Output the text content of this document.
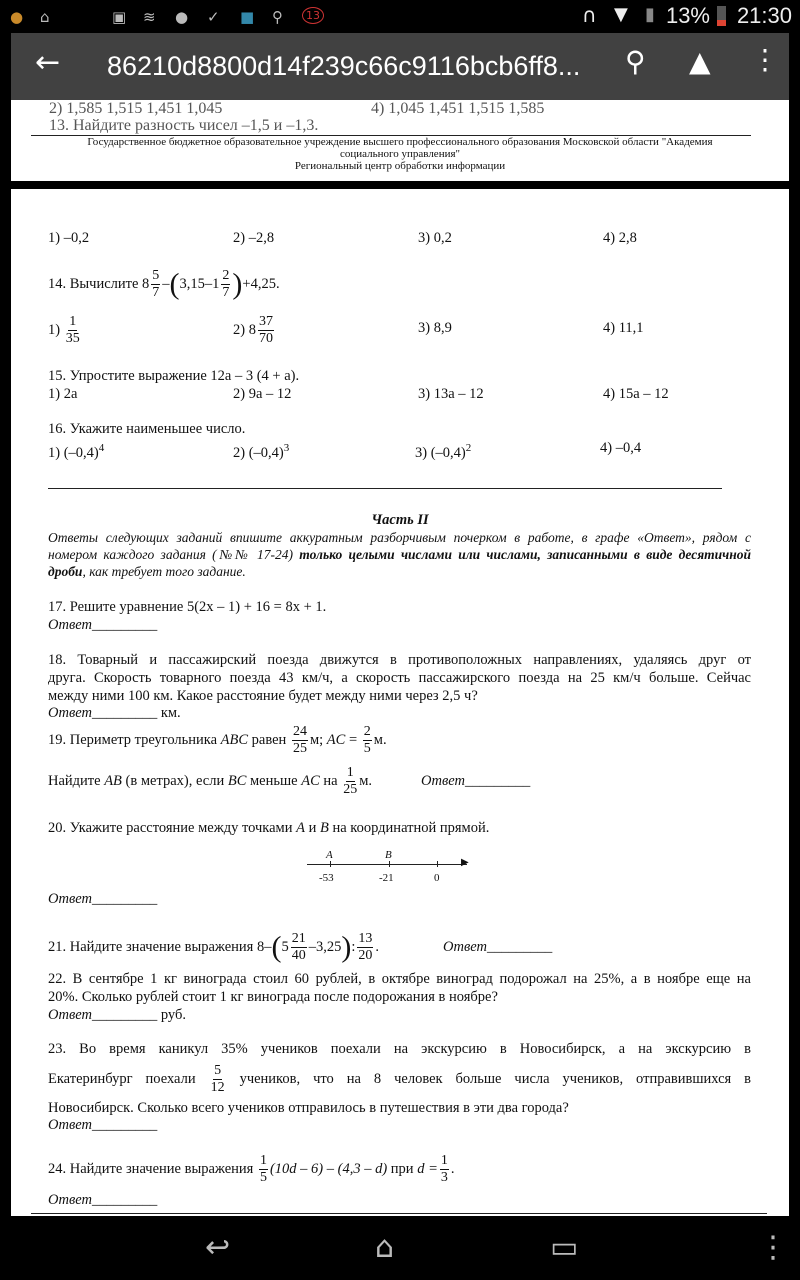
● ⌂	▣ ≋ ● ✓ ■ ⚲	13	∩ ▼ ▮ 13% 21:30
← 86210d8800d14f239c66c9116bcb6ff8... ⚲ ▲ ⋮
2) 1,585 1,515 1,451 1,045	4) 1,045 1,451 1,515 1,585
13. Найдите разность чисел –1,5 и –1,3.
Государственное бюджетное образовательное учреждение высшего профессионального образования Московской области "Академия
социального управления"
Региональный центр обработки информации
1) –0,2	2) –2,8	3) 0,2	4) 2,8
14. Вычислите $8 \frac{5}{7} -(3,15-1 \frac{2}{7} )+4,25$.
$1) \frac{1}{35}$	2) $8 \frac{37}{70}$	3) 8,9	4) 11,1
15. Упростите выражение 12а – 3 (4 + а).
1) 2а	2) 9а – 12	3) 13а – 12	4) 15а – 12
16. Укажите наименьшее число.
1) $(-0,4)^4$	2) $(-0,4)^3$	3) $(-0,4)^2$	4) –0,4
Часть II
Ответы следующих заданий впишите аккуратным разборчивым почерком в работе, в графе «Ответ», рядом с
номером каждого задания (№№ 17-24) только целыми числами или числами, записанными в виде десятичной
дроби, как требует того задание.
17. Решите уравнение 5(2x – 1) + 16 = 8x + 1.
Ответ_________
18. Товарный и пассажирский поезда движутся в противоположных направлениях, удаляясь друг от
друга. Скорость товарного поезда 43 км/ч, а скорость пассажирского поезда на 25 км/ч больше. Сейчас
между ними 100 км. Какое расстояние будет между ними через 2,5 ч?
Ответ_________ км.
19. Периметр треугольника ABC равен $\frac{24}{25} м$; AC = $\frac{2}{5} м$.
Найдите AB (в метрах), если BC меньше AC на $\frac{1}{25} м$.	Ответ_________
20. Укажите расстояние между точками A и B на координатной прямой.
A	B
▶
-53	-21	0
Ответ_________
21. Найдите значение выражения $8-(5 \frac{21}{40} -3,25)$: $\frac{13}{20}$ .	Ответ_________
22. В сентябре 1 кг винограда стоил 60 рублей, в октябре виноград подорожал на 25%, а в ноябре еще на
20%. Сколько рублей стоит 1 кг винограда после подорожания в ноябре?
Ответ_________ руб.
23. Во время каникул 35% учеников поехали на экскурсию в Новосибирск, а на экскурсию в
Екатеринбург поехали $\frac{5}{12}$ учеников, что на 8 человек больше числа учеников, отправившихся в
Новосибирск. Сколько всего учеников отправилось в путешествия в эти два города?
Ответ_________
24. Найдите значение выражения $\frac{1}{5} (10d - 6) - (4,3 - d)$ при $d = \frac{1}{3}$ .
Ответ_________
↩	⌂	▭	⋮
